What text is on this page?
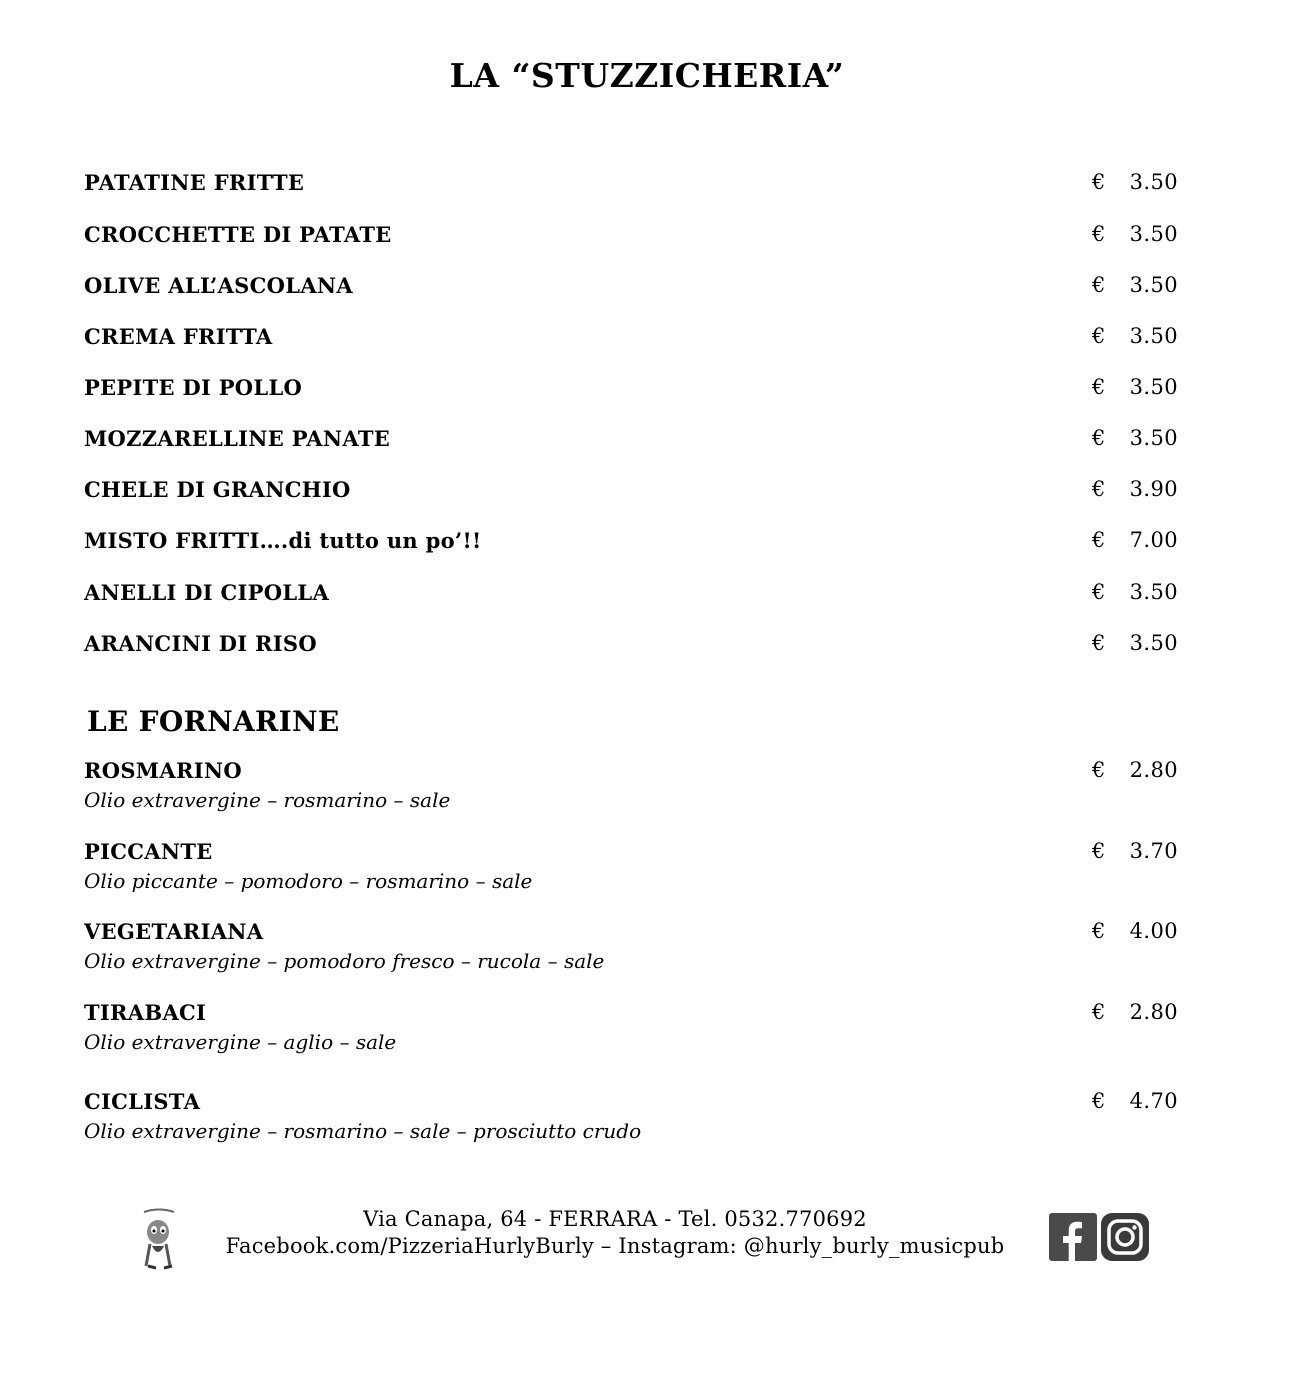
LA “STUZZICHERIA”
PATATINE FRITTE	€ 3.50
CROCCHETTE DI PATATE	€ 3.50
OLIVE ALL’ASCOLANA	€ 3.50
CREMA FRITTA	€ 3.50
PEPITE DI POLLO	€ 3.50
MOZZARELLINE PANATE	€ 3.50
CHELE DI GRANCHIO	€ 3.90
MISTO FRITTI….di tutto un po’!!	€ 7.00
ANELLI DI CIPOLLA	€ 3.50
ARANCINI DI RISO	€ 3.50
LE FORNARINE
ROSMARINO	€ 2.80
Olio extravergine – rosmarino – sale
PICCANTE	€ 3.70
Olio piccante – pomodoro – rosmarino – sale
VEGETARIANA	€ 4.00
Olio extravergine – pomodoro fresco – rucola – sale
TIRABACI	€ 2.80
Olio extravergine – aglio – sale
CICLISTA	€ 4.70
Olio extravergine – rosmarino – sale – prosciutto crudo
Via Canapa, 64 - FERRARA - Tel. 0532.770692
Facebook.com/PizzeriaHurlyBurly – Instagram: @hurly_burly_musicpub
